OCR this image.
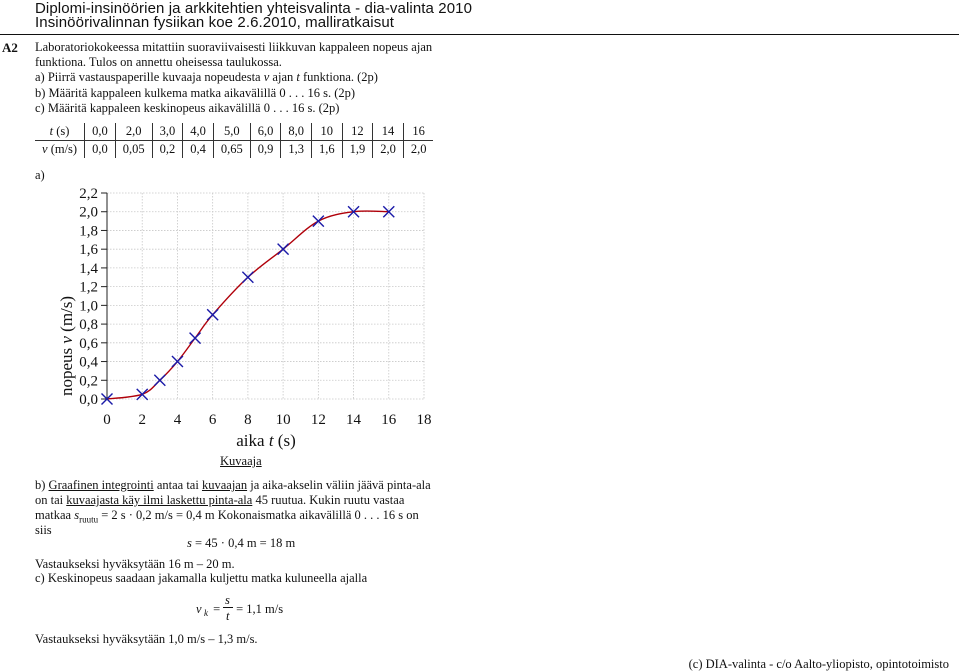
Diplomi-insinöörien ja arkkitehtien yhteisvalinta - dia-valinta 2010
Insinöörivalinnan fysiikan koe 2.6.2010, malliratkaisut
A2 Laboratoriokokeessa mitattiin suoraviivaisesti liikkuvan kappaleen nopeus ajan
funktiona. Tulos on annettu oheisessa taulukossa.
a) Piirrä vastauspaperille kuvaaja nopeudesta v ajan t funktiona. (2p)
b) Määritä kappaleen kulkema matka aikavälillä 0 . . . 16 s. (2p)
c) Määritä kappaleen keskinopeus aikavälillä 0 . . . 16 s. (2p)
t (s)	0,0	2,0	3,0	4,0	5,0	6,0	8,0	10	12	14	16
v (m/s)	0,0	0,05	0,2	0,4	0,65	0,9	1,3	1,6	1,9	2,0	2,0
a)
0,0
0,2
0,4
0,6
0,8
1,0
1,2
1,4
1,6
1,8
2,0
2,2
0 2 4 6 8 10 12 14 16 18
nopeus v (m/s)
aika t (s)
Kuvaaja
b) Graafinen integrointi antaa tai kuvaajan ja aika-akselin väliin jäävä pinta-ala
on tai kuvaajasta käy ilmi laskettu pinta-ala 45 ruutua. Kukin ruutu vastaa
matkaa $s_{ruutu} = 2$ s · 0,2 m/s = 0,4 m Kokonaismatka aikavälillä 0 . . . 16 s on
siis
s = 45 · 0,4 m = 18 m
Vastaukseksi hyväksytään 16 m – 20 m.
c) Keskinopeus saadaan jakamalla kuljettu matka kuluneella ajalla
v k =
s
t = 1,1 m/s
Vastaukseksi hyväksytään 1,0 m/s – 1,3 m/s.
(c) DIA-valinta - c/o Aalto-yliopisto, opintotoimisto
